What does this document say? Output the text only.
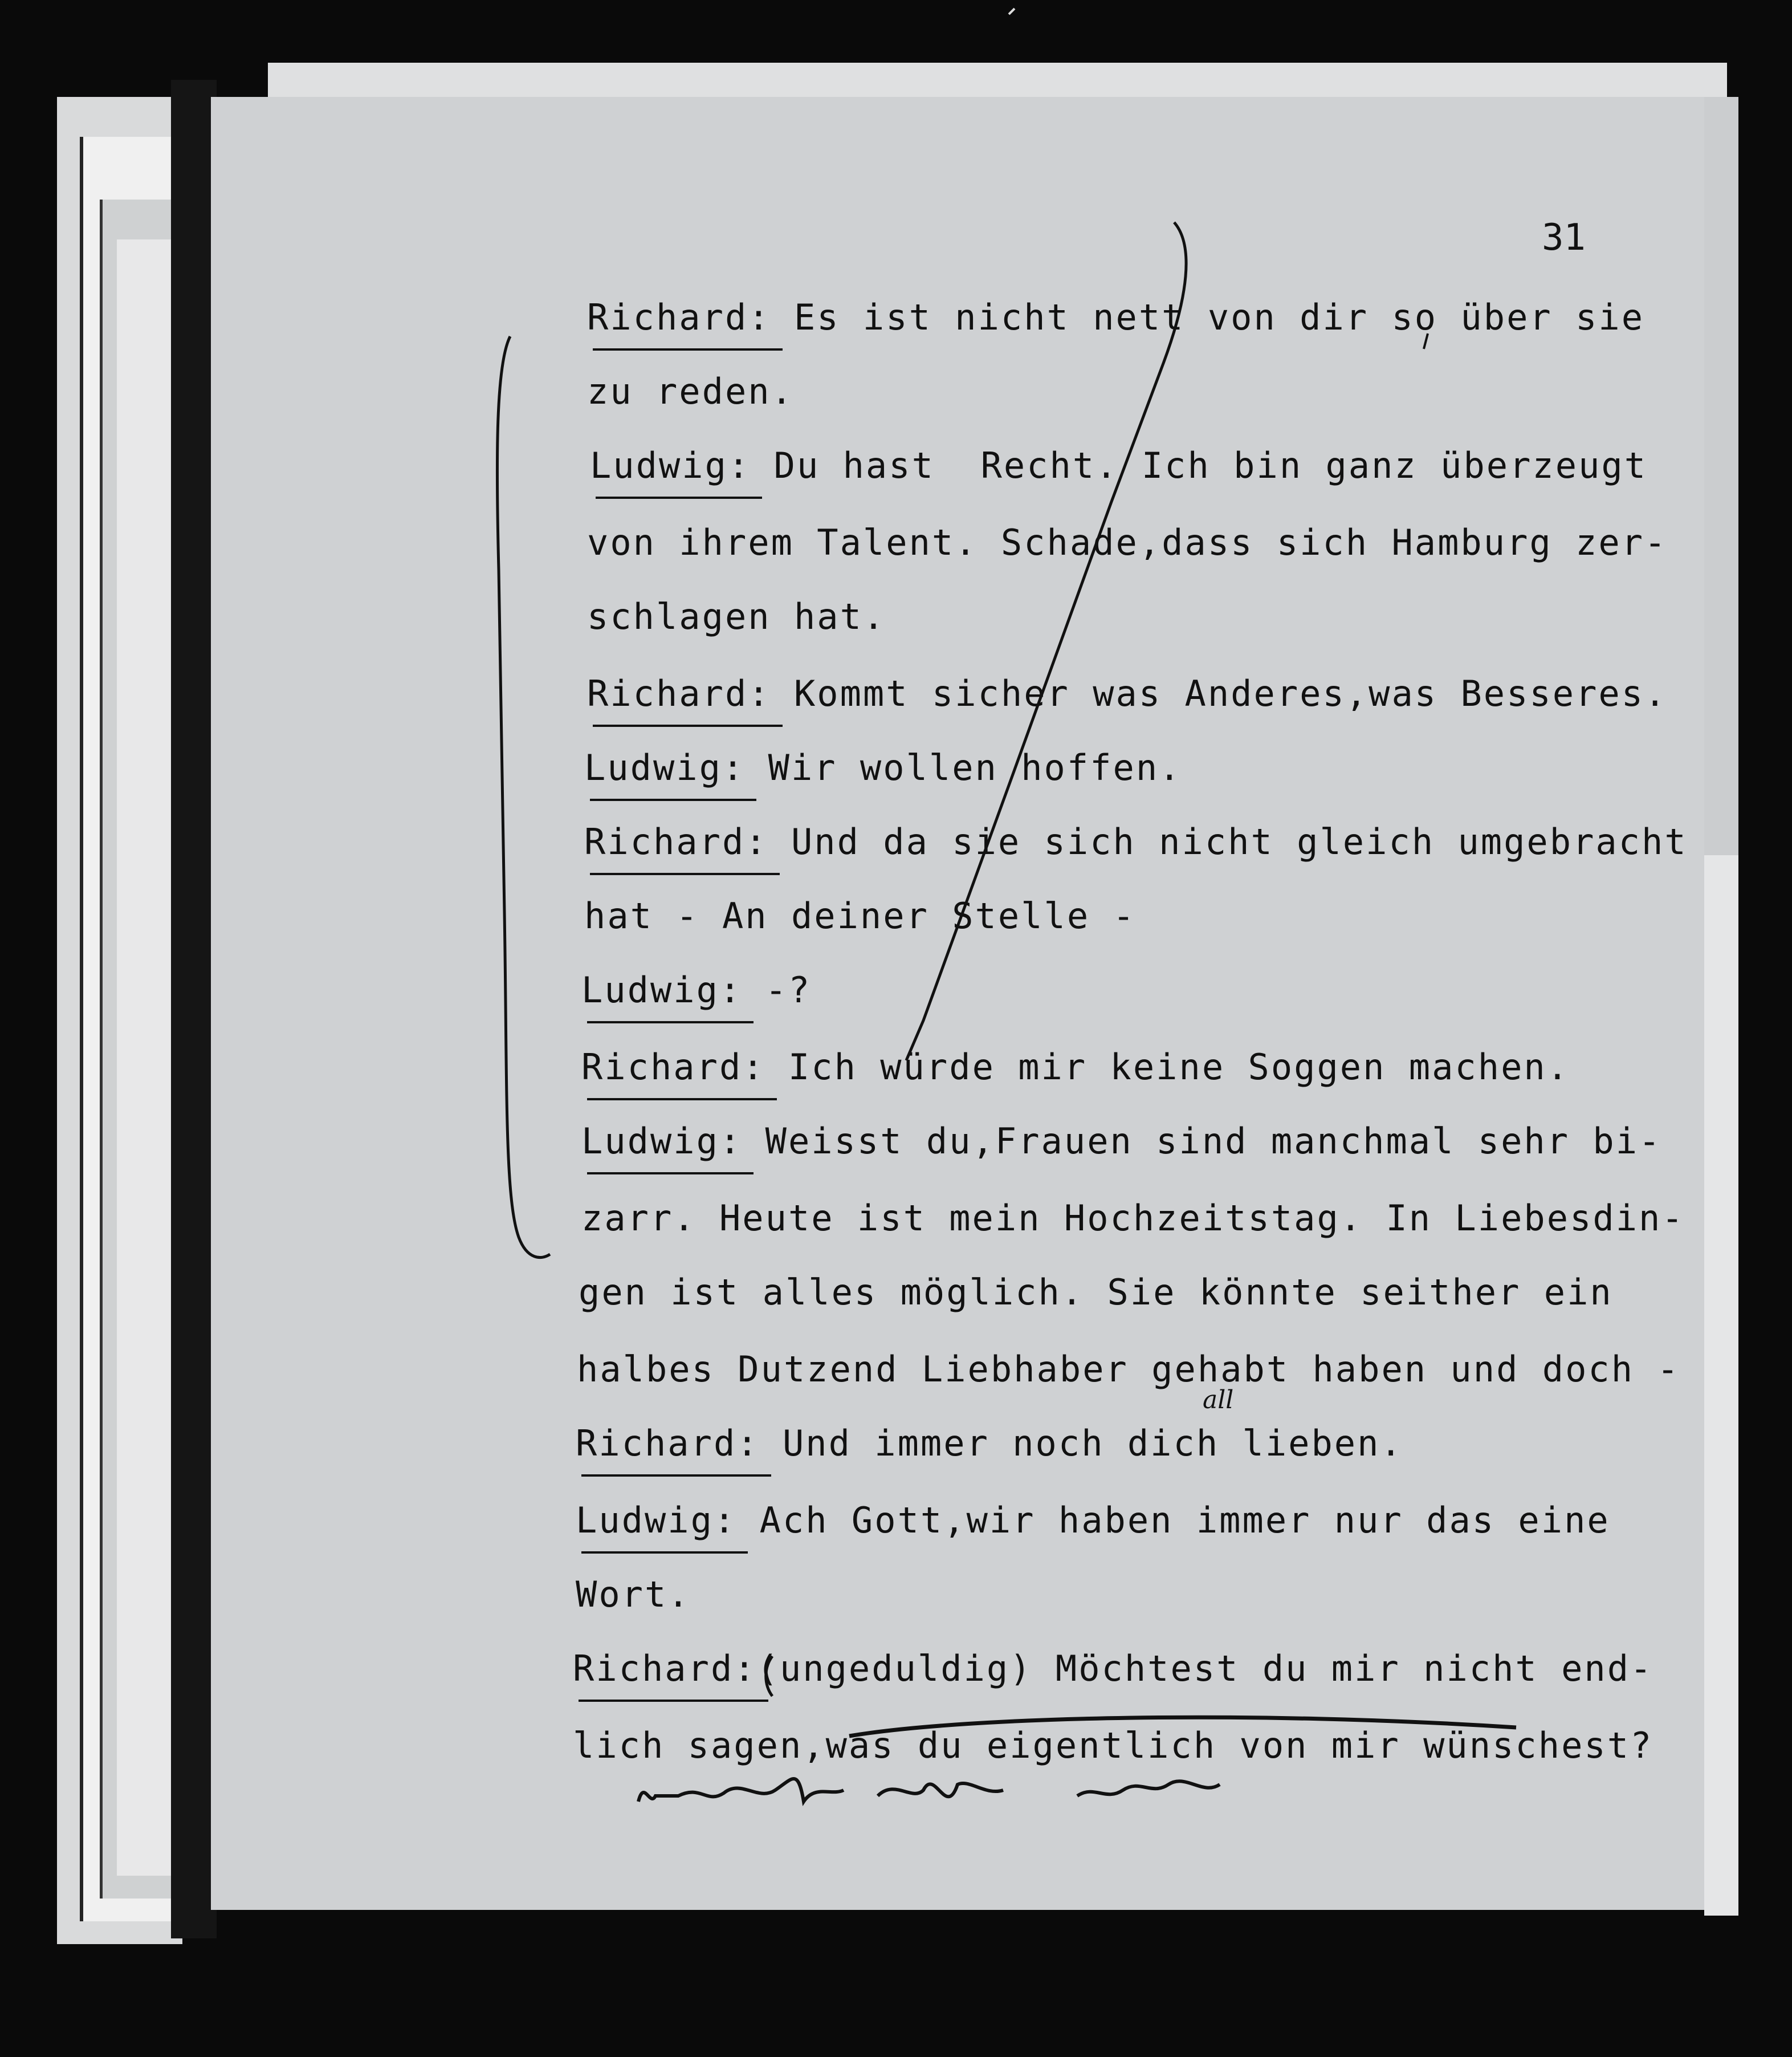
31
Richard: Es ist nicht nett von dir so über sie
zu reden.
Ludwig: Du hast  Recht. Ich bin ganz überzeugt
von ihrem Talent. Schade,dass sich Hamburg zer-
schlagen hat.
Richard: Kommt sicher was Anderes,was Besseres.
Ludwig: Wir wollen hoffen.
Richard: Und da sie sich nicht gleich umgebracht
hat - An deiner Stelle -
Ludwig: -?
Richard: Ich würde mir keine Soggen machen.
Ludwig: Weisst du,Frauen sind manchmal sehr bi-
zarr. Heute ist mein Hochzeitstag. In Liebesdin-
gen ist alles möglich. Sie könnte seither ein
halbes Dutzend Liebhaber gehabt haben und doch -
Richard: Und immer noch dich lieben.
Ludwig: Ach Gott,wir haben immer nur das eine
Wort.
Richard:(ungeduldig) Möchtest du mir nicht end-
lich sagen,was du eigentlich von mir wünschest?
all
